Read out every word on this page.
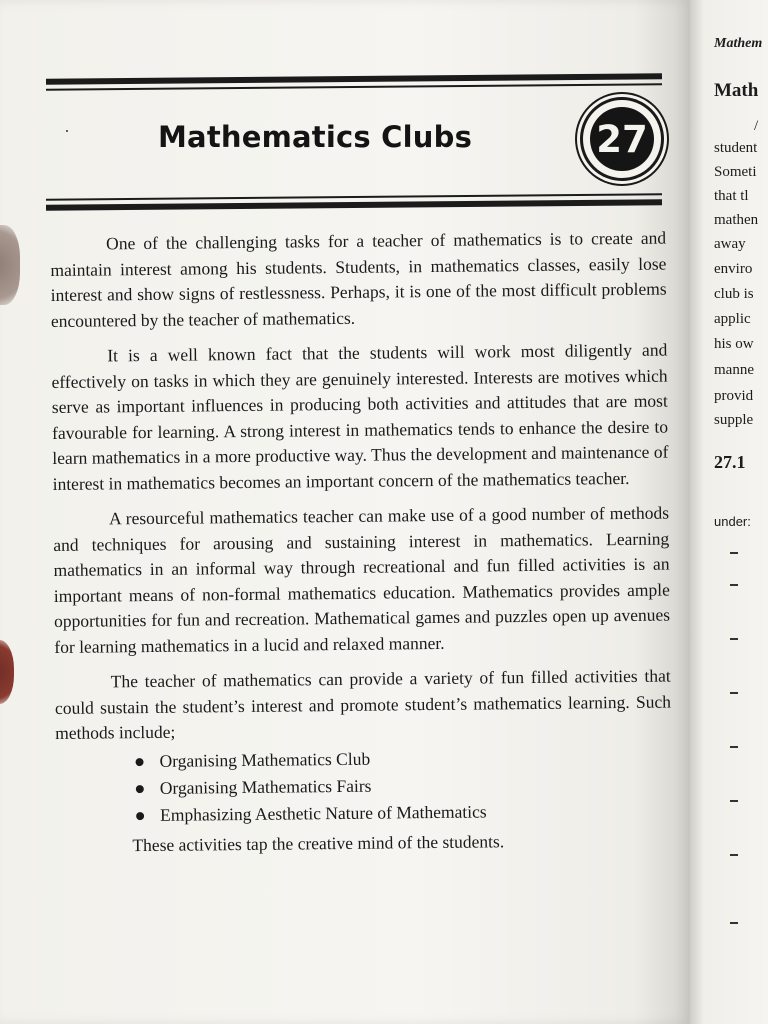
Mathematics Clubs	27

One of the challenging tasks for a teacher of mathematics is to create and maintain interest among his students. Students, in mathematics classes, easily lose interest and show signs of restlessness. Perhaps, it is one of the most difficult problems encountered by the teacher of mathematics.

It is a well known fact that the students will work most diligently and effectively on tasks in which they are genuinely interested. Interests are motives which serve as important influences in producing both activities and attitudes that are most favourable for learning. A strong interest in mathematics tends to enhance the desire to learn mathematics in a more productive way. Thus the development and maintenance of interest in mathematics becomes an important concern of the mathematics teacher.

A resourceful mathematics teacher can make use of a good number of methods and techniques for arousing and sustaining interest in mathematics. Learning mathematics in an informal way through recreational and fun filled activities is an important means of non-formal mathematics education. Mathematics provides ample opportunities for fun and recreation. Mathematical games and puzzles open up avenues for learning mathematics in a lucid and relaxed manner.

The teacher of mathematics can provide a variety of fun filled activities that could sustain the student’s interest and promote student’s mathematics learning. Such methods include;

Organising Mathematics Club
Organising Mathematics Fairs
Emphasizing Aesthetic Nature of Mathematics

These activities tap the creative mind of the students.

Mathem
Math
/
student
Someti
that tl
mathen
away
enviro
club is
applic
his ow
manne
provid
supple
27.1
under:
